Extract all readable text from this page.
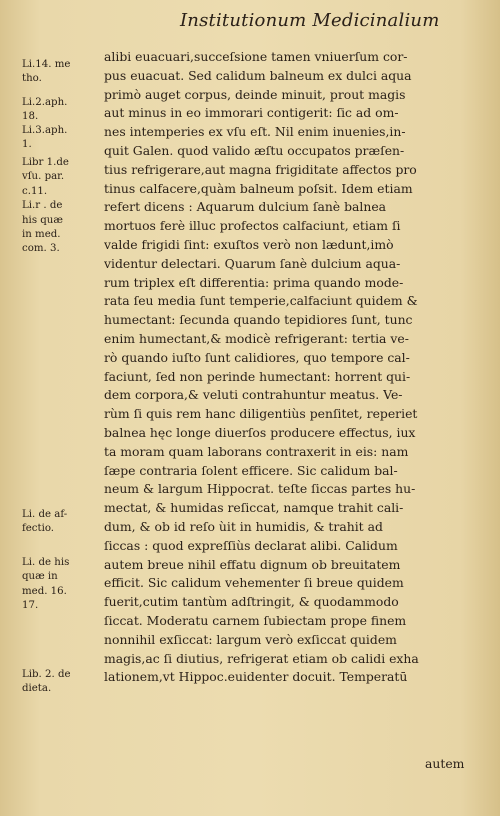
Institutionum Medicinalium
alibi euacuari,succeſsione tamen vniuerſum cor-
pus euacuat. Sed calidum balneum ex dulci aqua
primò auget corpus, deinde minuit, prout magis
aut minus in eo immorari contigerit: ſic ad om-
nes intemperies ex vſu eſt. Nil enim inuenies,in-
quit Galen. quod valido æſtu occupatos præſen-
tius refrigerare,aut magna frigiditate affectos pro
tinus calfacere,quàm balneum poſsit. Idem etiam
refert dicens : Aquarum dulcium ſanè balnea
mortuos ferè illuc profectos calfaciunt, etiam ſi
valde frigidi ſint: exuſtos verò non lædunt,imò
videntur delectari. Quarum ſanè dulcium aqua-
rum triplex eſt differentia: prima quando mode-
rata ſeu media ſunt temperie,calfaciunt quidem &
humectant: ſecunda quando tepidiores ſunt, tunc
enim humectant,& modicè refrigerant: tertia ve-
rò quando iuſto ſunt calidiores, quo tempore cal-
faciunt, ſed non perinde humectant: horrent qui-
dem corpora,& veluti contrahuntur meatus. Ve-
rùm ſi quis rem hanc diligentiùs penſitet, reperiet
balnea hęc longe diuerſos producere effectus, iux
ta moram quam laborans contraxerit in eis: nam
ſæpe contraria ſolent efficere. Sic calidum bal-
neum & largum Hippocrat. teſte ſiccas partes hu-
mectat, & humidas reſiccat, namque trahit cali-
dum, & ob id reſo ùit in humidis, & trahit ad
ſiccas : quod expreſſiùs declarat alibi. Calidum
autem breue nihil effatu dignum ob breuitatem
efficit. Sic calidum vehementer ſi breue quidem
fuerit,cutim tantùm adſtringit, & quodammodo
ſiccat. Moderatu carnem ſubiectam prope finem
nonnihil exſiccat: largum verò exſiccat quidem
magis,ac ſi diutius, refrigerat etiam ob calidi exha
lationem,vt Hippoc.euidenter docuit. Temperatū
Li.14. me
tho.
Li.2.aph.
18.
Li.3.aph.
1.
Libr 1.de
vſu. par.
c.11.
Li.r . de
his quæ
in med.
com. 3.
Li. de af-
fectio.
Li. de his
quæ in
med. 16.
17.
Lib. 2. de
dieta.
autem
